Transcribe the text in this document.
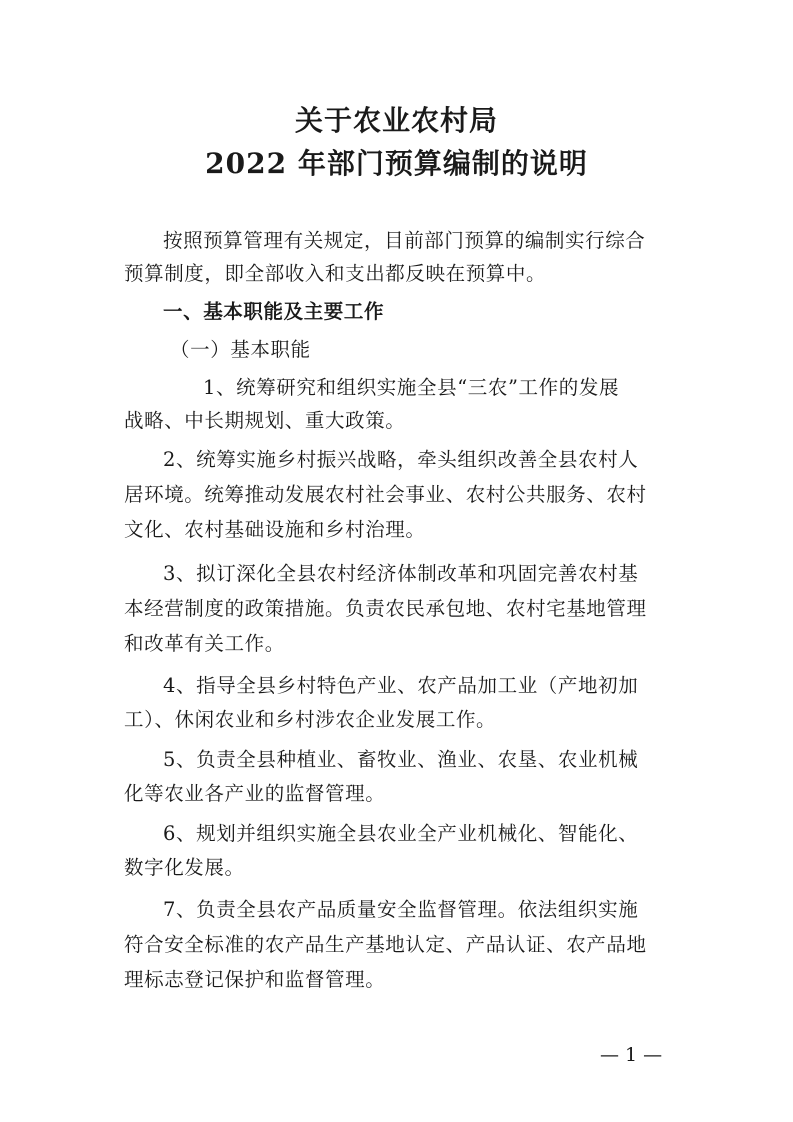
关于农业农村局
2022 年部门预算编制的说明
按照预算管理有关规定，目前部门预算的编制实行综合
预算制度，即全部收入和支出都反映在预算中。
一、基本职能及主要工作
（一）基本职能
1、统筹研究和组织实施全县“三农”工作的发展
战略、中长期规划、重大政策。
2、统筹实施乡村振兴战略，牵头组织改善全县农村人
居环境。统筹推动发展农村社会事业、农村公共服务、农村
文化、农村基础设施和乡村治理。
3、拟订深化全县农村经济体制改革和巩固完善农村基
本经营制度的政策措施。负责农民承包地、农村宅基地管理
和改革有关工作。
4、指导全县乡村特色产业、农产品加工业（产地初加
工）、休闲农业和乡村涉农企业发展工作。
5、负责全县种植业、畜牧业、渔业、农垦、农业机械
化等农业各产业的监督管理。
6、规划并组织实施全县农业全产业机械化、智能化、
数字化发展。
7、负责全县农产品质量安全监督管理。依法组织实施
符合安全标准的农产品生产基地认定、产品认证、农产品地
理标志登记保护和监督管理。
— 1 —
